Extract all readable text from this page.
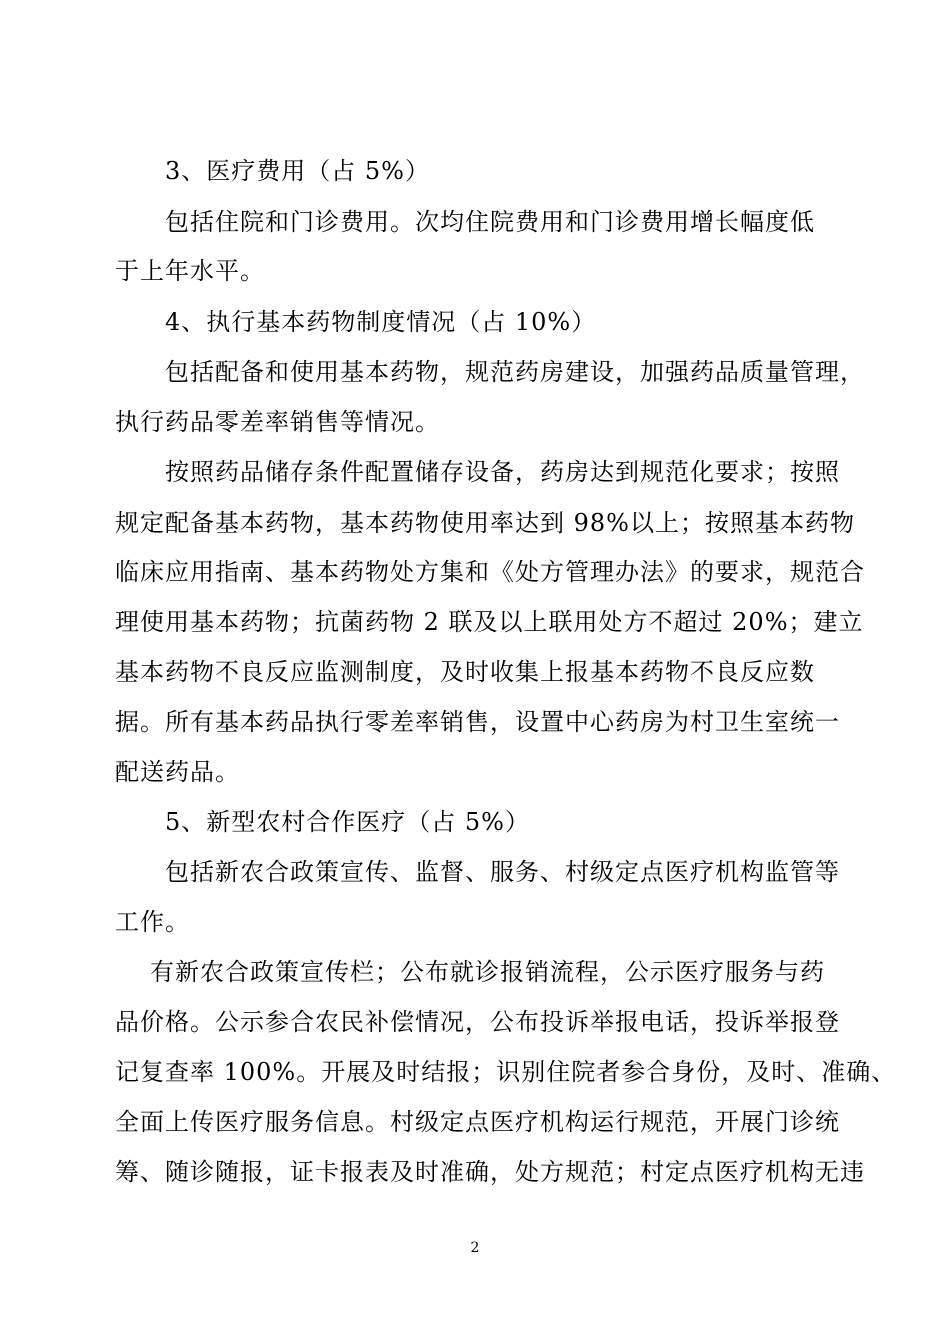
3、医疗费用（占 5%）
包括住院和门诊费用。次均住院费用和门诊费用增长幅度低
于上年水平。
4、执行基本药物制度情况（占 10%）
包括配备和使用基本药物，规范药房建设，加强药品质量管理，
执行药品零差率销售等情况。
按照药品储存条件配置储存设备，药房达到规范化要求；按照
规定配备基本药物，基本药物使用率达到 98%以上；按照基本药物
临床应用指南、基本药物处方集和《处方管理办法》的要求，规范合
理使用基本药物；抗菌药物 2 联及以上联用处方不超过 20%；建立
基本药物不良反应监测制度，及时收集上报基本药物不良反应数
据。所有基本药品执行零差率销售，设置中心药房为村卫生室统一
配送药品。
5、新型农村合作医疗（占 5%）
包括新农合政策宣传、监督、服务、村级定点医疗机构监管等
工作。
有新农合政策宣传栏；公布就诊报销流程，公示医疗服务与药
品价格。公示参合农民补偿情况，公布投诉举报电话，投诉举报登
记复查率 100%。开展及时结报；识别住院者参合身份，及时、准确、
全面上传医疗服务信息。村级定点医疗机构运行规范，开展门诊统
筹、随诊随报，证卡报表及时准确，处方规范；村定点医疗机构无违
2
